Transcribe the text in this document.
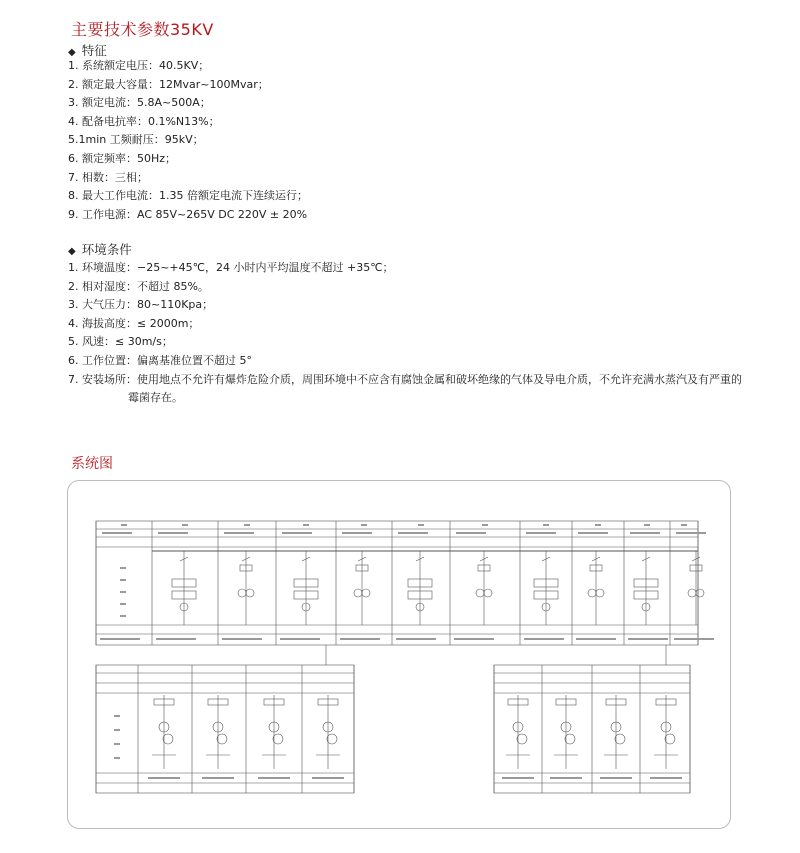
主要技术参数35KV
◆ 特征
1. 系统额定电压：40.5KV；
2. 额定最大容量：12Mvar~100Mvar；
3. 额定电流：5.8A~500A；
4. 配备电抗率：0.1%N13%；
5.1min 工频耐压：95kV；
6. 额定频率：50Hz；
7. 相数：三相；
8. 最大工作电流：1.35 倍额定电流下连续运行；
9. 工作电源：AC 85V~265V DC 220V ± 20%
◆ 环境条件
1. 环境温度：−25~+45℃，24 小时内平均温度不超过 +35℃；
2. 相对湿度：不超过 85%。
3. 大气压力：80~110Kpa；
4. 海拔高度：≤ 2000m；
5. 风速：≤ 30m/s；
6. 工作位置：偏离基准位置不超过 5°
7. 安装场所：使用地点不允许有爆炸危险介质，周围环境中不应含有腐蚀金属和破坏绝缘的气体及导电介质，不允许充满水蒸汽及有严重的
霉菌存在。
系统图
